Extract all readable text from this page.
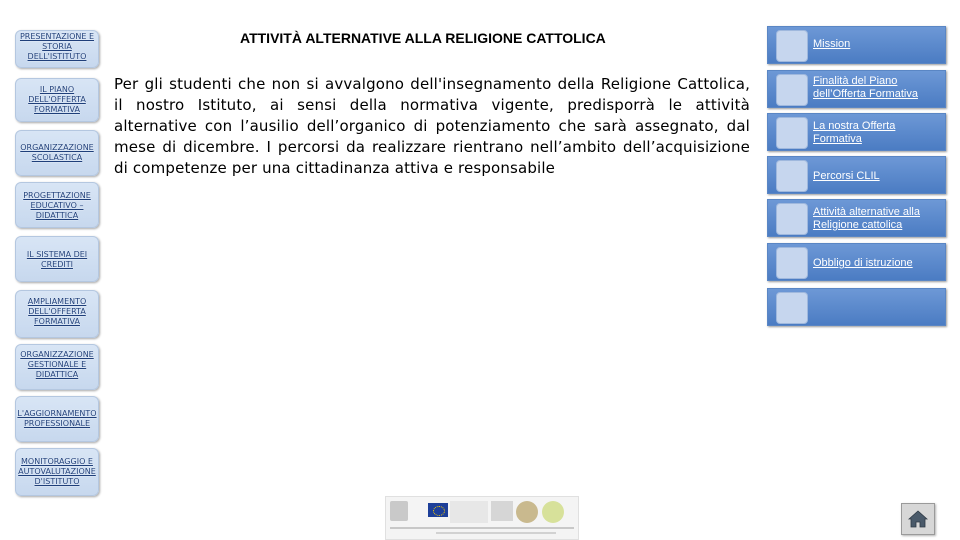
PRESENTAZIONE E STORIA DELL'ISTITUTO
IL PIANO DELL'OFFERTA FORMATIVA
ORGANIZZAZIONE SCOLASTICA
PROGETTAZIONE EDUCATIVO – DIDATTICA
IL SISTEMA DEI CREDITI
AMPLIAMENTO DELL'OFFERTA FORMATIVA
ORGANIZZAZIONE GESTIONALE E DIDATTICA
L'AGGIORNAMENTO PROFESSIONALE
MONITORAGGIO E AUTOVALUTAZIONE D'ISTITUTO
ATTIVITÀ ALTERNATIVE ALLA RELIGIONE CATTOLICA
Per gli studenti che non si avvalgono dell'insegnamento della Religione Cattolica, il nostro Istituto, ai sensi della normativa vigente, predisporrà le attività alternative con l’ausilio dell’organico di potenziamento che sarà assegnato, dal mese di dicembre. I percorsi da realizzare rientrano nell’ambito dell’acquisizione di competenze per una cittadinanza attiva e responsabile
Mission
Finalità del Piano dell’Offerta Formativa
La nostra Offerta Formativa
Percorsi CLIL
Attività alternative alla Religione cattolica
Obbligo di istruzione
